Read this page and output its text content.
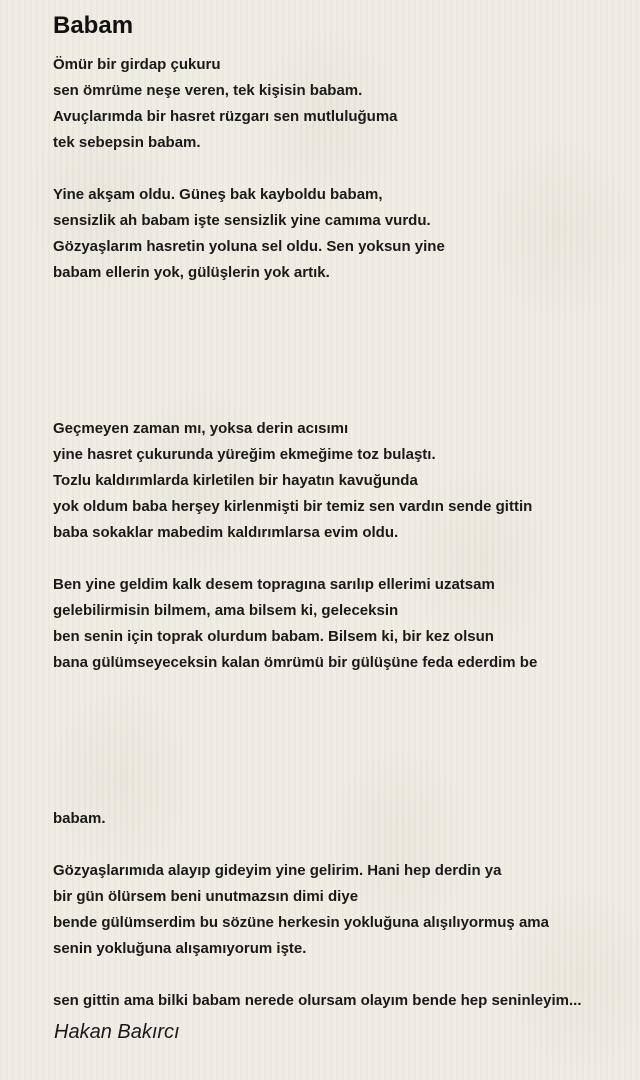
Babam

Ömür bir girdap çukuru
sen ömrüme neşe veren, tek kişisin babam.
Avuçlarımda bir hasret rüzgarı sen mutluluğuma
tek sebepsin babam.

Yine akşam oldu. Güneş bak kayboldu babam,
sensizlik ah babam işte sensizlik yine camıma vurdu.
Gözyaşlarım hasretin yoluna sel oldu. Sen yoksun yine
babam ellerin yok, gülüşlerin yok artık.

Geçmeyen zaman mı, yoksa derin acısımı
yine hasret çukurunda yüreğim ekmeğime toz bulaştı.
Tozlu kaldırımlarda kirletilen bir hayatın kavuğunda
yok oldum baba herşey kirlenmişti bir temiz sen vardın sende gittin
baba sokaklar mabedim kaldırımlarsa evim oldu.

Ben yine geldim kalk desem topragına sarılıp ellerimi uzatsam
gelebilirmisin bilmem, ama bilsem ki, geleceksin
ben senin için toprak olurdum babam. Bilsem ki, bir kez olsun
bana gülümseyeceksin kalan ömrümü bir gülüşüne feda ederdim be

babam.

Gözyaşlarımıda alayıp gideyim yine gelirim. Hani hep derdin ya
bir gün ölürsem beni unutmazsın dimi diye
bende gülümserdim bu sözüne herkesin yokluğuna alışılıyormuş ama
senin yokluğuna alışamıyorum işte.

sen gittin ama bilki babam nerede olursam olayım bende hep seninleyim...

Hakan Bakırcı
